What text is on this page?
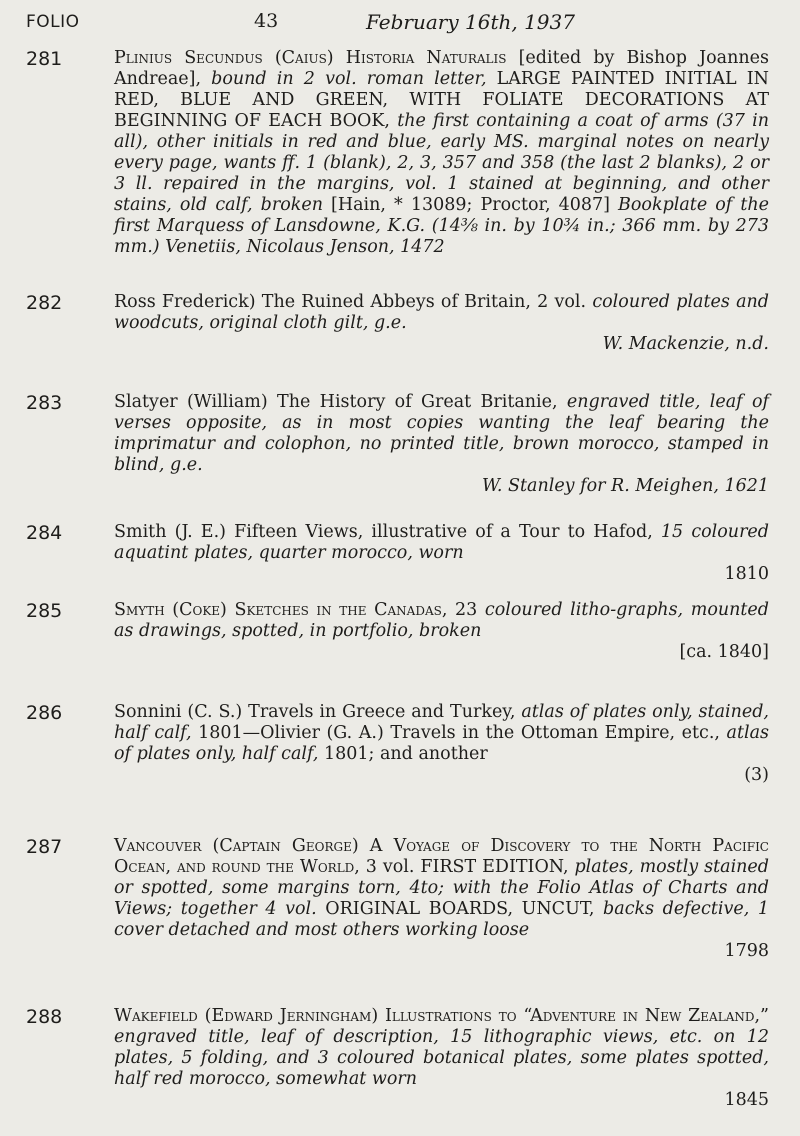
FOLIO	43	February 16th, 1937
281	Plinius Secundus (Caius) Historia Naturalis [edited by Bishop Joannes Andreae], bound in 2 vol. roman letter, LARGE PAINTED INITIAL IN RED, BLUE AND GREEN, WITH FOLIATE DECORATIONS AT BEGINNING OF EACH BOOK, the first containing a coat of arms (37 in all), other initials in red and blue, early MS. marginal notes on nearly every page, wants ff. 1 (blank), 2, 3, 357 and 358 (the last 2 blanks), 2 or 3 ll. repaired in the margins, vol. 1 stained at beginning, and other stains, old calf, broken [Hain, * 13089; Proctor, 4087] Bookplate of the first Marquess of Lansdowne, K.G. (14⅜ in. by 10¾ in.; 366 mm. by 273 mm.) Venetiis, Nicolaus Jenson, 1472
282	Ross Frederick) The Ruined Abbeys of Britain, 2 vol. coloured plates and woodcuts, original cloth gilt, g.e.
W. Mackenzie, n.d.
283	Slatyer (William) The History of Great Britanie, engraved title, leaf of verses opposite, as in most copies wanting the leaf bearing the imprimatur and colophon, no printed title, brown morocco, stamped in blind, g.e.
W. Stanley for R. Meighen, 1621
284	Smith (J. E.) Fifteen Views, illustrative of a Tour to Hafod, 15 coloured aquatint plates, quarter morocco, worn
1810
285	Smyth (Coke) Sketches in the Canadas, 23 coloured litho-graphs, mounted as drawings, spotted, in portfolio, broken
[ca. 1840]
286	Sonnini (C. S.) Travels in Greece and Turkey, atlas of plates only, stained, half calf, 1801—Olivier (G. A.) Travels in the Ottoman Empire, etc., atlas of plates only, half calf, 1801; and another
(3)
287	Vancouver (Captain George) A Voyage of Discovery to the North Pacific Ocean, and round the World, 3 vol. FIRST EDITION, plates, mostly stained or spotted, some margins torn, 4to; with the Folio Atlas of Charts and Views; together 4 vol. ORIGINAL BOARDS, UNCUT, backs defective, 1 cover detached and most others working loose
1798
288	Wakefield (Edward Jerningham) Illustrations to “Adventure in New Zealand,” engraved title, leaf of description, 15 lithographic views, etc. on 12 plates, 5 folding, and 3 coloured botanical plates, some plates spotted, half red morocco, somewhat worn
1845
